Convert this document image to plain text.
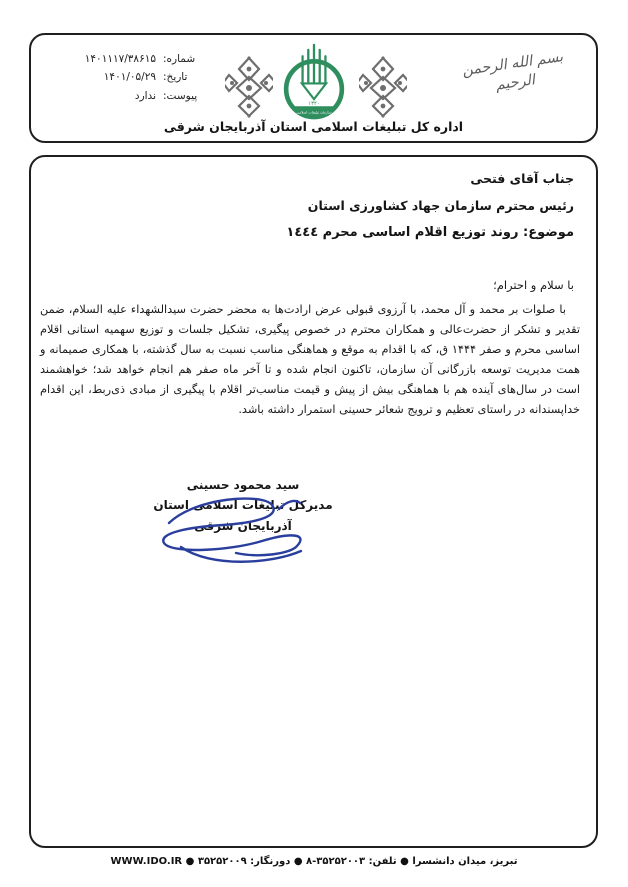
بسم الله الرحمن الرحیم
۱۳۴۰
سازمان تبلیغات اسلامی
شماره:
۱۴۰۱۱۱۷/۳۸۶۱۵
تاریخ:
۱۴۰۱/۰۵/۲۹
پیوست:
ندارد
اداره کل تبلیغات اسلامی استان آذربایجان شرقی
جناب آقای فتحی
رئیس محترم سازمان جهاد کشاورزی استان
موضوع: روند توزیع اقلام اساسی محرم ١٤٤٤
با سلام و احترام؛
با صلوات بر محمد و آل محمد، با آرزوی قبولی عرض ارادت‌ها به محضر حضرت سیدالشهداء علیه السلام، ضمن تقدیر و تشکر از حضرت‌عالی و همکاران محترم در خصوص پیگیری، تشکیل جلسات و توزیع سهمیه استانی اقلام اساسی محرم و صفر ۱۴۴۴ ق، که با اقدام به موقع و هماهنگی مناسب نسبت به سال گذشته، با همکاری صمیمانه و همت مدیریت توسعه بازرگانی آن سازمان، تاکنون انجام شده و تا آخر ماه صفر هم انجام خواهد شد؛ خواهشمند است در سال‌های آینده هم با هماهنگی بیش از پیش و قیمت مناسب‌تر اقلام با پیگیری از مبادی ذی‌ربط، این اقدام خداپسندانه در راستای تعظیم و ترویج شعائر حسینی استمرار داشته باشد.
سید محمود حسینی
مدیرکل تبلیغات اسلامی استان آذربایجان شرقی
تبریز، میدان دانشسرا ● تلفن: ۳۵۲۵۲۰۰۳-۸ ● دورنگار: ۳۵۲۵۲۰۰۹ ● WWW.IDO.IR
